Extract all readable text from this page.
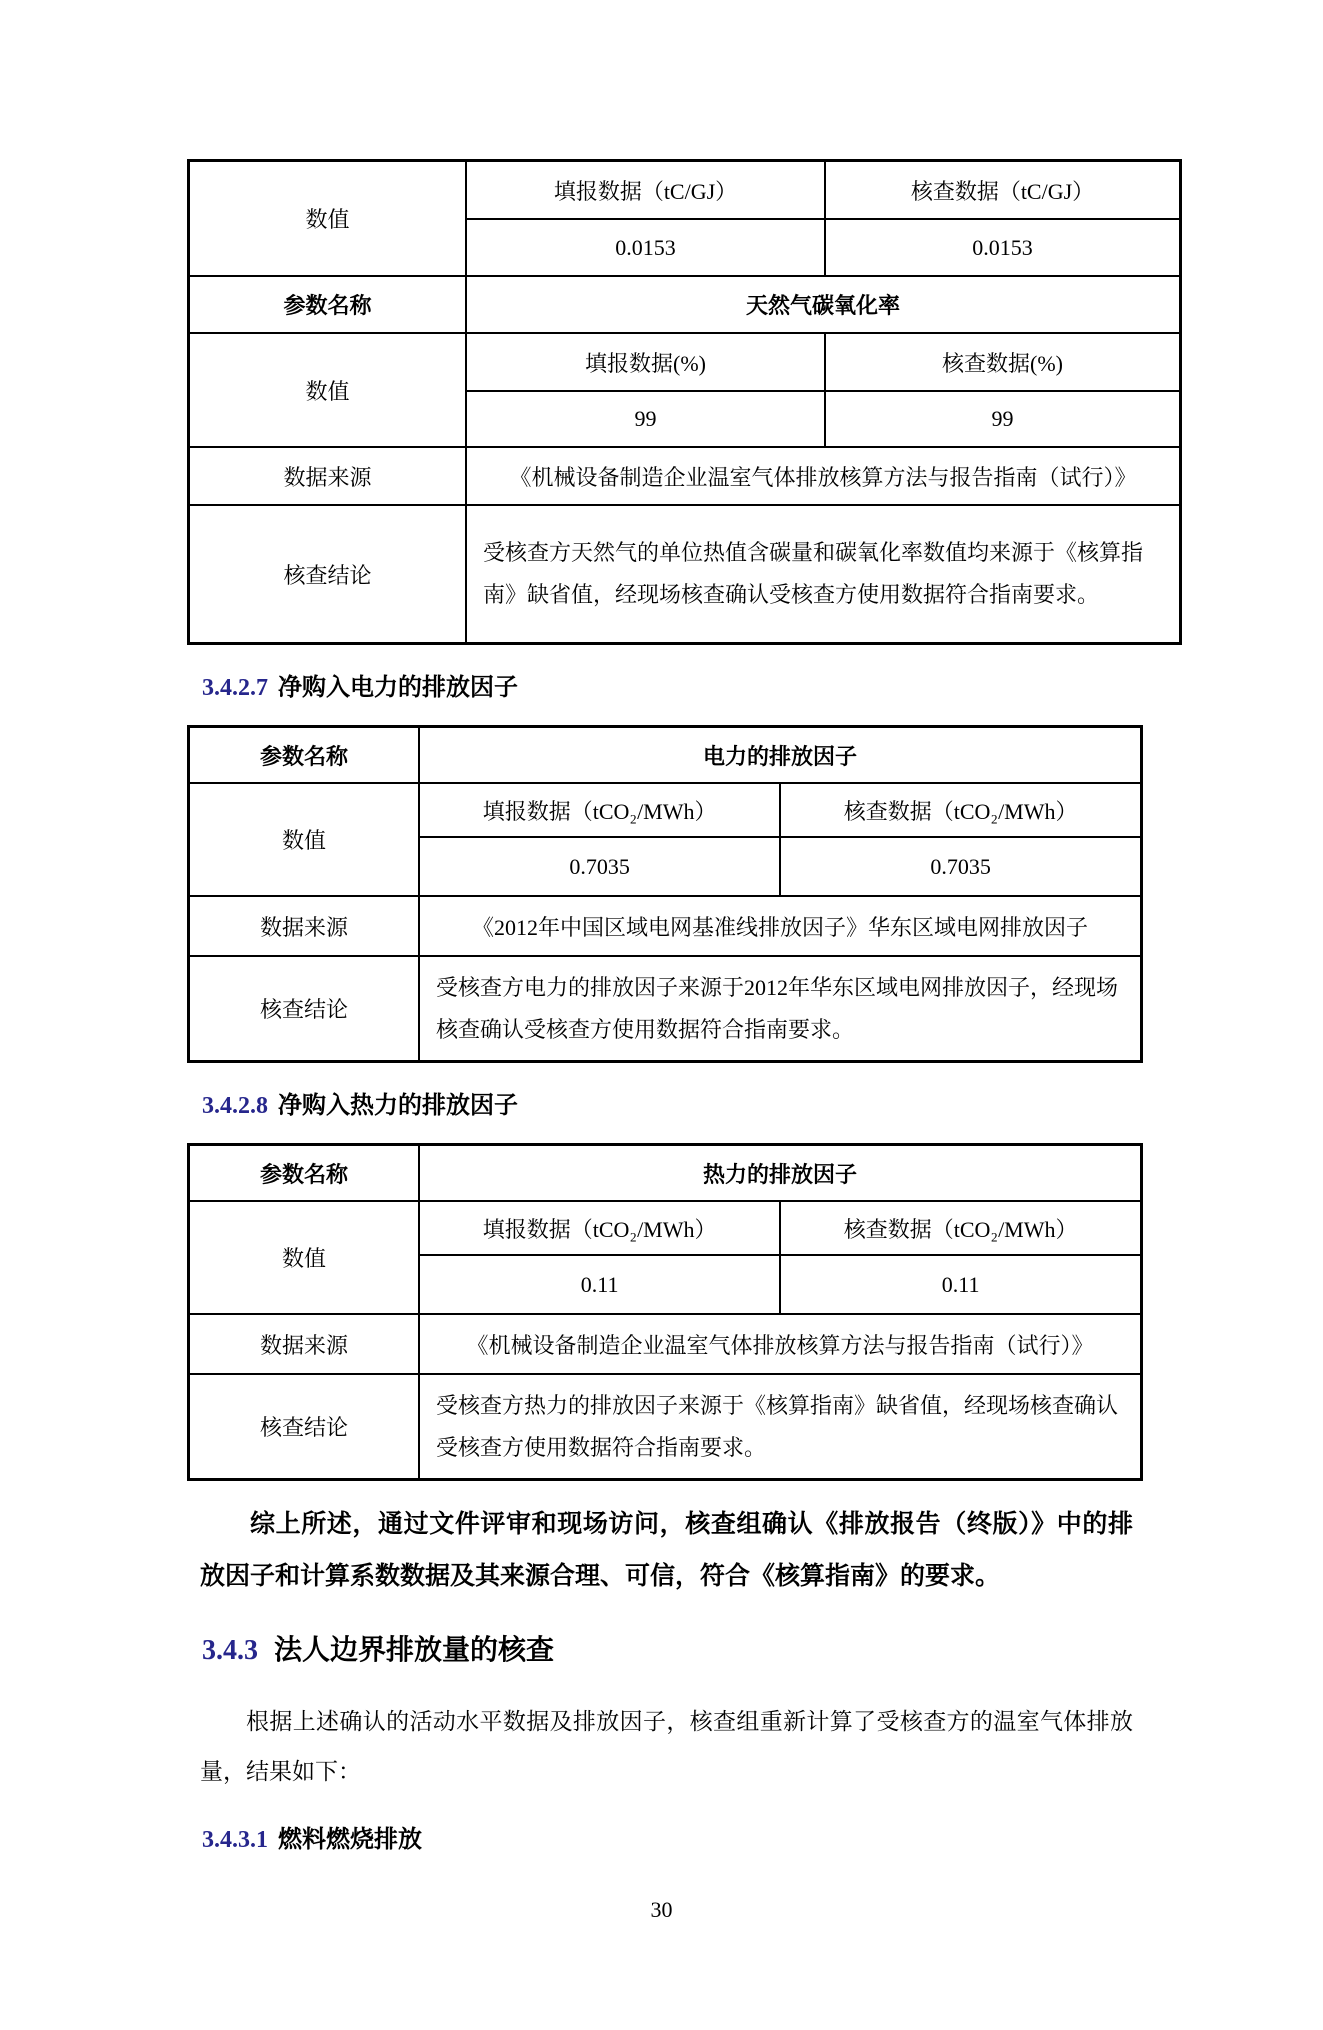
数值	填报数据（tC/GJ）	核查数据（tC/GJ）
	0.0153	0.0153
参数名称	天然气碳氧化率	
数值	填报数据(%)	核查数据(%)
	99	99
数据来源	《机械设备制造企业温室气体排放核算方法与报告指南（试行）》	
核查结论	受核查方天然气的单位热值含碳量和碳氧化率数值均来源于《核算指南》缺省值，经现场核查确认受核查方使用数据符合指南要求。	
3.4.2.7 净购入电力的排放因子
参数名称	电力的排放因子	
数值	填报数据（tCO₂/MWh）	核查数据（tCO₂/MWh）
	0.7035	0.7035
数据来源	《2012年中国区域电网基准线排放因子》华东区域电网排放因子	
核查结论	受核查方电力的排放因子来源于2012年华东区域电网排放因子，经现场核查确认受核查方使用数据符合指南要求。	
3.4.2.8 净购入热力的排放因子
参数名称	热力的排放因子	
数值	填报数据（tCO₂/MWh）	核查数据（tCO₂/MWh）
	0.11	0.11
数据来源	《机械设备制造企业温室气体排放核算方法与报告指南（试行）》	
核查结论	受核查方热力的排放因子来源于《核算指南》缺省值，经现场核查确认受核查方使用数据符合指南要求。	

综上所述，通过文件评审和现场访问，核查组确认《排放报告（终版）》中的排放因子和计算系数数据及其来源合理、可信，符合《核算指南》的要求。

3.4.3 法人边界排放量的核查

根据上述确认的活动水平数据及排放因子，核查组重新计算了受核查方的温室气体排放量，结果如下：

3.4.3.1 燃料燃烧排放
30
